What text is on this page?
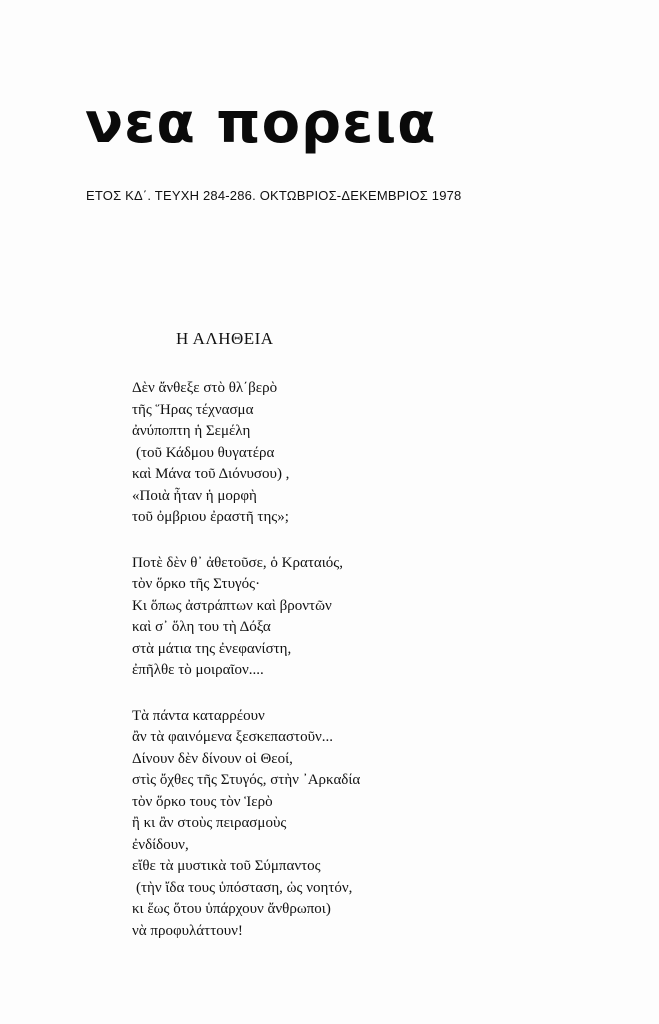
νεα πορεια
ΕΤΟΣ ΚΔ΄. ΤΕΥΧΗ 284-286. ΟΚΤΩΒΡΙΟΣ-ΔΕΚΕΜΒΡΙΟΣ 1978
Η ΑΛΗΘΕΙΑ
Δὲν ἄνθεξε στὸ θλ΄βερὸ
τῆς Ἥρας τέχνασμα
ἀνύποπτη ἡ Σεμέλη
(τοῦ Κάδμου θυγατέρα
καὶ Μάνα τοῦ Διόνυσου) ,
«Ποιὰ ἦταν ἡ μορφὴ
τοῦ ὀμβριου ἐραστῆ της»;
Ποτὲ δὲν θ᾿ ἀθετοῦσε, ὁ Κραταιός,
τὸν ὅρκο τῆς Στυγός·
Κι ὅπως ἀστράπτων καὶ βροντῶν
καὶ σ᾿ ὅλη του τὴ Δόξα
στὰ μάτια της ἐνεφανίστη,
ἐπῆλθε τὸ μοιραῖον....
Τὰ πάντα καταρρέουν
ἂν τὰ φαινόμενα ξεσκεπαστοῦν...
Δίνουν δὲν δίνουν οἱ Θεοί,
στὶς ὄχθες τῆς Στυγός, στὴν ᾿Αρκαδία
τὸν ὅρκο τους τὸν Ἱερὸ
ἢ κι ἂν στοὺς πειρασμοὺς
ἐνδίδουν,
εἴθε τὰ μυστικὰ τοῦ Σύμπαντος
(τὴν ἴδα τους ὑπόσταση, ὡς νοητόν,
κι ἕως ὅτου ὑπάρχουν ἄνθρωποι)
νὰ προφυλάττουν!
